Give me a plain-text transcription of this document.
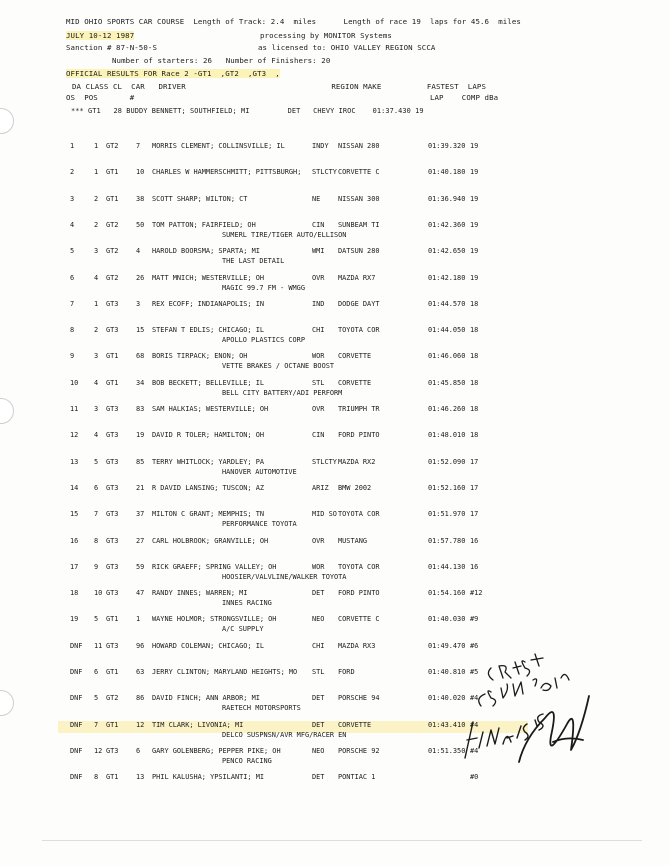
MID OHIO SPORTS CAR COURSE  Length of Track: 2.4  miles      Length of race 19  laps for 45.6  miles
JULY 10-12 1987	processing by MONITOR Systems
Sanction # 87-N-50-S	as licensed to: OHIO VALLEY REGION SCCA
Number of starters: 26   Number of Finishers: 20
OFFICIAL RESULTS FOR Race 2 -GT1  ,GT2  ,GT3  ,
DA CLASS CL  CAR   DRIVER                                REGION MAKE          FASTEST  LAPS
OS  POS       #                                                                 LAP    COMP dBa
*** GT1   28 BUDDY BENNETT; SOUTHFIELD; MI         DET   CHEVY IROC    01:37.430 19
1	1 GT2	7 MORRIS CLEMENT; COLLINSVILLE; IL	INDY NISSAN 280	01:39.320 19
2	1 GT1	10 CHARLES W HAMMERSCHMITT; PITTSBURGH; STLCTY CORVETTE C	01:40.180 19
3	2 GT1	38 SCOTT SHARP; WILTON; CT	NE	NISSAN 300	01:36.940 19
4	2 GT2	50 TOM PATTON; FAIRFIELD; OH	CIN SUNBEAM TI	01:42.360 19
SUMERL TIRE/TIGER AUTO/ELLISON
5	3 GT2	4 HAROLD BOORSMA; SPARTA; MI	WMI DATSUN 280	01:42.650 19
THE LAST DETAIL
6	4 GT2	26 MATT MNICH; WESTERVILLE; OH	OVR MAZDA RX7	01:42.180 19
MAGIC 99.7 FM - WMGG
7	1 GT3	3 REX ECOFF; INDIANAPOLIS; IN	IND DODGE DAYT	01:44.570 18
8	2 GT3	15 STEFAN T EDLIS; CHICAGO; IL	CHI TOYOTA COR	01:44.050 18
APOLLO PLASTICS CORP
9	3 GT1	68 BORIS TIRPACK; ENON; OH	WOR CORVETTE	01:46.060 18
VETTE BRAKES / OCTANE BOOST
10 4 GT1	34 BOB BECKETT; BELLEVILLE; IL	STL CORVETTE	01:45.850 18
BELL CITY BATTERY/ADI PERFORM
11 3 GT3	83 SAM HALKIAS; WESTERVILLE; OH	OVR TRIUMPH TR	01:46.260 18
12 4 GT3	19 DAVID R TOLER; HAMILTON; OH	CIN FORD PINTO	01:48.010 18
13 5 GT3	85 TERRY WHITLOCK; YARDLEY; PA	STLCTY MAZDA RX2	01:52.090 17
HANOVER AUTOMOTIVE
14 6 GT3	21 R DAVID LANSING; TUSCON; AZ	ARIZ BMW 2002	01:52.160 17
15 7 GT3	37 MILTON C GRANT; MEMPHIS; TN	MID SO TOYOTA COR	01:51.970 17
PERFORMANCE TOYOTA
16 8 GT3	27 CARL HOLBROOK; GRANVILLE; OH	OVR MUSTANG	01:57.780 16
17 9 GT3	59 RICK GRAEFF; SPRING VALLEY; OH	WOR TOYOTA COR	01:44.130 16
HOOSIER/VALVLINE/WALKER TOYOTA
18 10 GT3	47 RANDY INNES; WARREN; MI	DET FORD PINTO	01:54.160 #12
INNES RACING
19 5 GT1	1 WAYNE HOLMOR; STRONGSVILLE; OH	NEO CORVETTE C	01:40.030 #9
A/C SUPPLY
DNF 11 GT3	96 HOWARD COLEMAN; CHICAGO; IL	CHI MAZDA RX3	01:49.470 #6
DNF 6 GT1	63 JERRY CLINTON; MARYLAND HEIGHTS; MO STL FORD	01:40.810 #5
DNF 5 GT2	86 DAVID FINCH; ANN ARBOR; MI	DET PORSCHE 94	01:40.020 #4
RAETECH MOTORSPORTS
DNF 7 GT1	12 TIM CLARK; LIVONIA; MI	DET CORVETTE	01:43.410 #4
DELCO SUSPNSN/AVR MFG/RACER EN
DNF 12 GT3	6 GARY GOLENBERG; PEPPER PIKE; OH	NEO PORSCHE 92	01:51.350 #4
PENCO RACING
DNF 8 GT1	13 PHIL KALUSHA; YPSILANTI; MI	DET PONTIAC 1	#0
